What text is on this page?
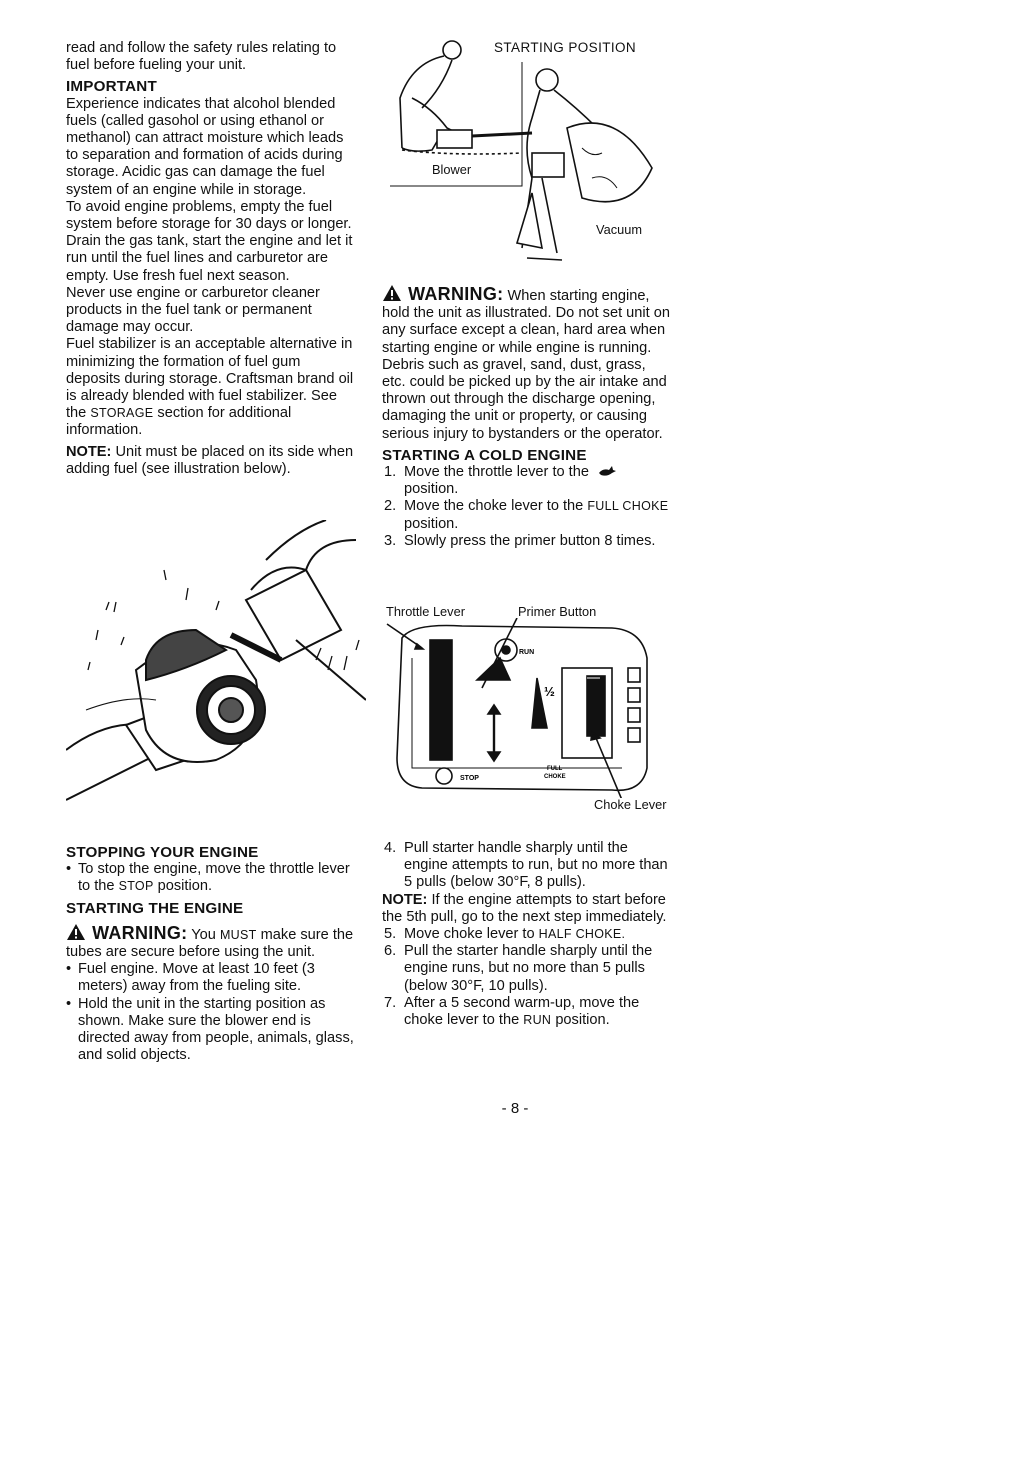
read and follow the safety rules relating to fuel before fueling your unit.

IMPORTANT

Experience indicates that alcohol blended fuels (called gasohol or using ethanol or methanol) can attract moisture which leads to separation and formation of acids during storage. Acidic gas can damage the fuel system of an engine while in storage.

To avoid engine problems, empty the fuel system before storage for 30 days or longer. Drain the gas tank, start the engine and let it run until the fuel lines and carburetor are empty. Use fresh fuel next season.

Never use engine or carburetor cleaner products in the fuel tank or permanent damage may occur.

Fuel stabilizer is an acceptable alternative in minimizing the formation of fuel gum deposits during storage. Craftsman brand oil is already blended with fuel stabilizer. See the STORAGE section for additional information.

NOTE: Unit must be placed on its side when adding fuel (see illustration below).

STOPPING YOUR ENGINE

• To stop the engine, move the throttle lever to the STOP position.

STARTING THE ENGINE

WARNING: You MUST make sure the tubes are secure before using the unit.

• Fuel engine. Move at least 10 feet (3 meters) away from the fueling site.

• Hold the unit in the starting position as shown. Make sure the blower end is directed away from people, animals, glass, and solid objects.

STARTING POSITION
Blower
Vacuum

WARNING: When starting engine, hold the unit as illustrated. Do not set unit on any surface except a clean, hard area when starting engine or while engine is running. Debris such as gravel, sand, dust, grass, etc. could be picked up by the air intake and thrown out through the discharge opening, damaging the unit or property, or causing serious injury to bystanders or the operator.

STARTING A COLD ENGINE

1. Move the throttle lever to the
position.
2. Move the choke lever to the FULL CHOKE position.
3. Slowly press the primer button 8 times.
Throttle Lever	Primer Button
RUN
STOP
½
FULL
CHOKE
Choke Lever
4. Pull starter handle sharply until the engine attempts to run, but no more than 5 pulls (below 30°F, 8 pulls).

NOTE: If the engine attempts to start before the 5th pull, go to the next step immediately.

5. Move choke lever to HALF CHOKE.
6. Pull the starter handle sharply until the engine runs, but no more than 5 pulls (below 30°F, 10 pulls).
7. After a 5 second warm-up, move the choke lever to the RUN position.
- 8 -
